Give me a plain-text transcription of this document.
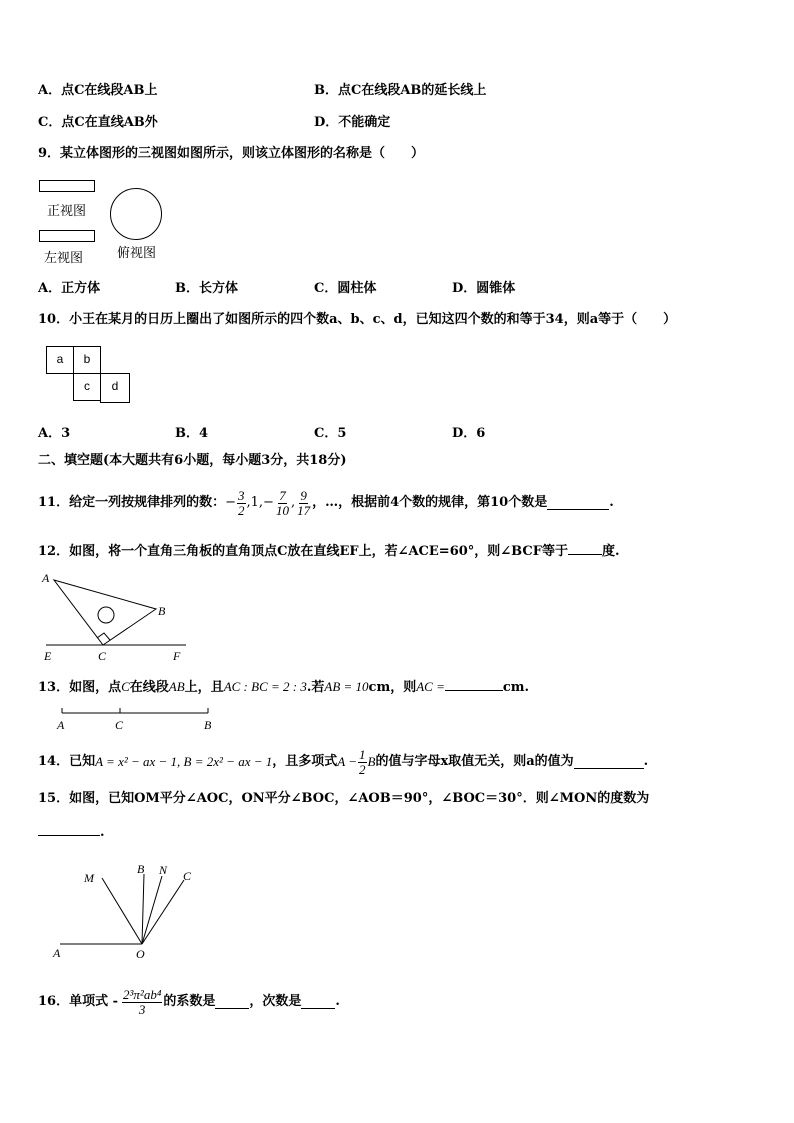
A．点C在线段AB上	B．点C在线段AB的延长线上
C．点C在直线AB外	D．不能确定
9．某立体图形的三视图如图所示，则该立体图形的名称是（　　）
正视图
左视图	俯视图
A．正方体	B．长方体	C．圆柱体	D．圆锥体
10．小王在某月的日历上圈出了如图所示的四个数a、b、c、d，已知这四个数的和等于34，则a等于（　　）
a	b
c	d
A．3	B．4	C．5	D．6
二、填空题(本大题共有6小题，每小题3分，共18分)
11．给定一列按规律排列的数： − $\frac{3}{2} ,1,- \frac{7}{10}$ , $\frac{9}{17}$ ，…，根据前4个数的规律，第10个数是	.
12．如图，将一个直角三角板的直角顶点C放在直线EF上，若∠ACE=60°，则∠BCF等于	度.
A
B
C
E	F
13．如图，点C在线段AB上，且AC : BC = 2 : 3.若AB = 10cm，则AC =	cm.
A	C	B
14．已知 A = x² − ax − 1, B = 2x² − ax − 1 ，且多项式 $A - \frac{1}{2}$ B 的值与字母x取值无关，则a的值为	.
15．如图，已知OM平分∠AOC，ON平分∠BOC，∠AOB＝90°，∠BOC＝30°．则∠MON的度数为
.
M
B N C
A	O
16．单项式 - $\frac{\text{2³π²ab⁴}}{3}$ 的系数是	，次数是	.
